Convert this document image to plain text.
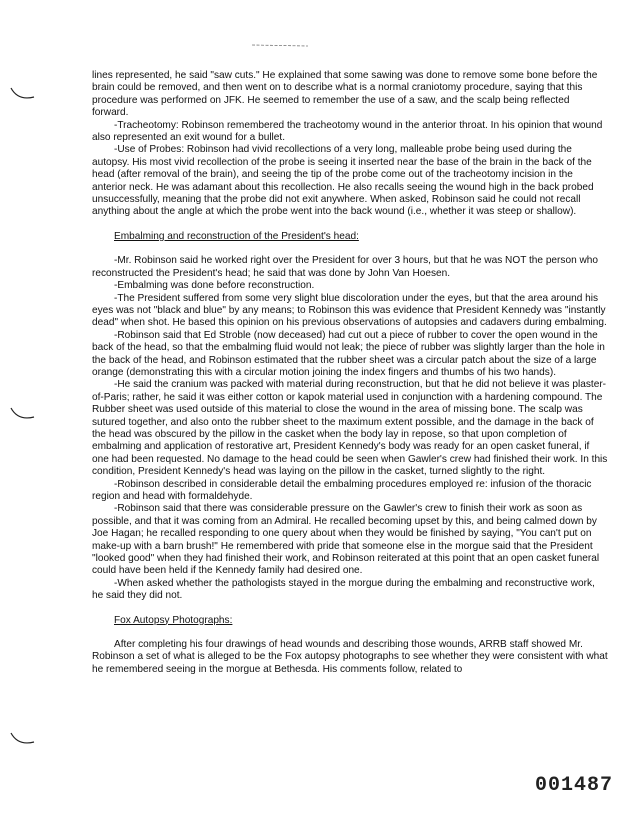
lines represented, he said "saw cuts." He explained that some sawing was done to remove some bone before the brain could be removed, and then went on to describe what is a normal craniotomy procedure, saying that this procedure was performed on JFK. He seemed to remember the use of a saw, and the scalp being reflected forward.

-Tracheotomy: Robinson remembered the tracheotomy wound in the anterior throat. In his opinion that wound also represented an exit wound for a bullet.

-Use of Probes: Robinson had vivid recollections of a very long, malleable probe being used during the autopsy. His most vivid recollection of the probe is seeing it inserted near the base of the brain in the back of the head (after removal of the brain), and seeing the tip of the probe come out of the tracheotomy incision in the anterior neck. He was adamant about this recollection. He also recalls seeing the wound high in the back probed unsuccessfully, meaning that the probe did not exit anywhere. When asked, Robinson said he could not recall anything about the angle at which the probe went into the back wound (i.e., whether it was steep or shallow).

Embalming and reconstruction of the President's head:

-Mr. Robinson said he worked right over the President for over 3 hours, but that he was NOT the person who reconstructed the President's head; he said that was done by John Van Hoesen.

-Embalming was done before reconstruction.

-The President suffered from some very slight blue discoloration under the eyes, but that the area around his eyes was not "black and blue" by any means; to Robinson this was evidence that President Kennedy was "instantly dead" when shot. He based this opinion on his previous observations of autopsies and cadavers during embalming.

-Robinson said that Ed Stroble (now deceased) had cut out a piece of rubber to cover the open wound in the back of the head, so that the embalming fluid would not leak; the piece of rubber was slightly larger than the hole in the back of the head, and Robinson estimated that the rubber sheet was a circular patch about the size of a large orange (demonstrating this with a circular motion joining the index fingers and thumbs of his two hands).

-He said the cranium was packed with material during reconstruction, but that he did not believe it was plaster-of-Paris; rather, he said it was either cotton or kapok material used in conjunction with a hardening compound. The Rubber sheet was used outside of this material to close the wound in the area of missing bone. The scalp was sutured together, and also onto the rubber sheet to the maximum extent possible, and the damage in the back of the head was obscured by the pillow in the casket when the body lay in repose, so that upon completion of embalming and application of restorative art, President Kennedy's body was ready for an open casket funeral, if one had been requested. No damage to the head could be seen when Gawler's crew had finished their work. In this condition, President Kennedy's head was laying on the pillow in the casket, turned slightly to the right.

-Robinson described in considerable detail the embalming procedures employed re: infusion of the thoracic region and head with formaldehyde.

-Robinson said that there was considerable pressure on the Gawler's crew to finish their work as soon as possible, and that it was coming from an Admiral. He recalled becoming upset by this, and being calmed down by Joe Hagan; he recalled responding to one query about when they would be finished by saying, "You can't put on make-up with a barn brush!" He remembered with pride that someone else in the morgue said that the President "looked good" when they had finished their work, and Robinson reiterated at this point that an open casket funeral could have been held if the Kennedy family had desired one.

-When asked whether the pathologists stayed in the morgue during the embalming and reconstructive work, he said they did not.

Fox Autopsy Photographs:

After completing his four drawings of head wounds and describing those wounds, ARRB staff showed Mr. Robinson a set of what is alleged to be the Fox autopsy photographs to see whether they were consistent with what he remembered seeing in the morgue at Bethesda. His comments follow, related to

001487
